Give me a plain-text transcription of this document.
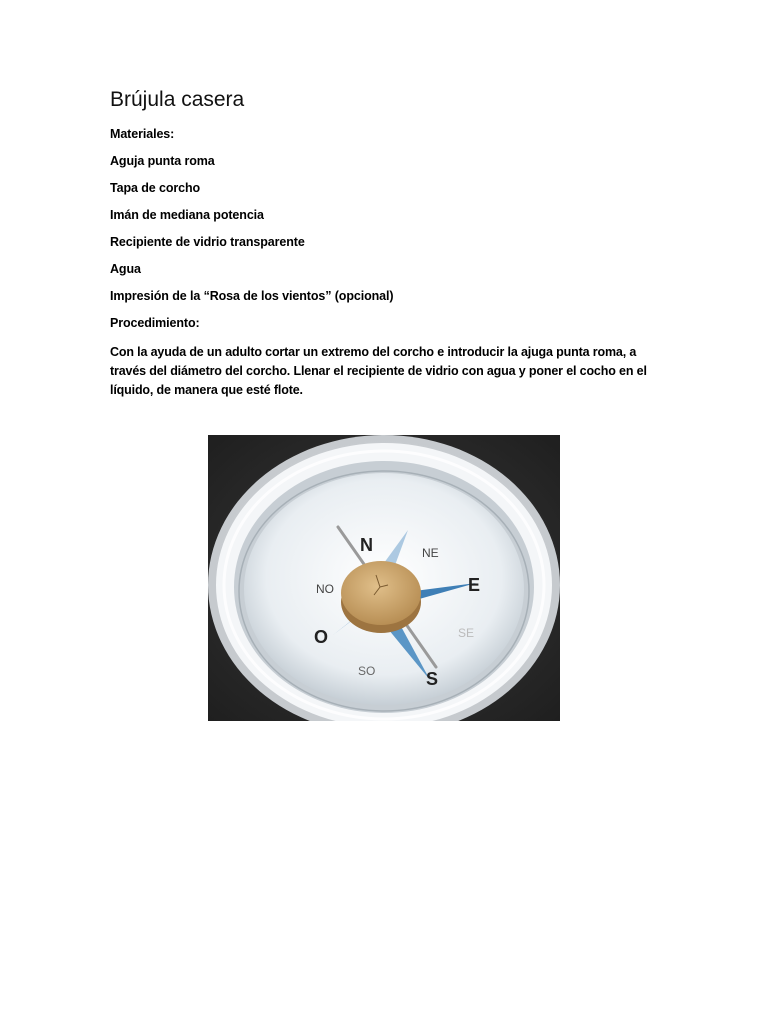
Brújula casera

Materiales:

Aguja punta roma

Tapa de corcho

Imán de mediana potencia

Recipiente de vidrio transparente

Agua

Impresión de la “Rosa de los vientos” (opcional)

Procedimiento:

Con la ayuda de un adulto cortar un extremo del corcho e introducir la ajuga punta roma, a través del diámetro del corcho. Llenar el recipiente de vidrio con agua y poner el cocho en el líquido, de manera que esté flote.

N	NE
E
SE
S
SO
O
NO
